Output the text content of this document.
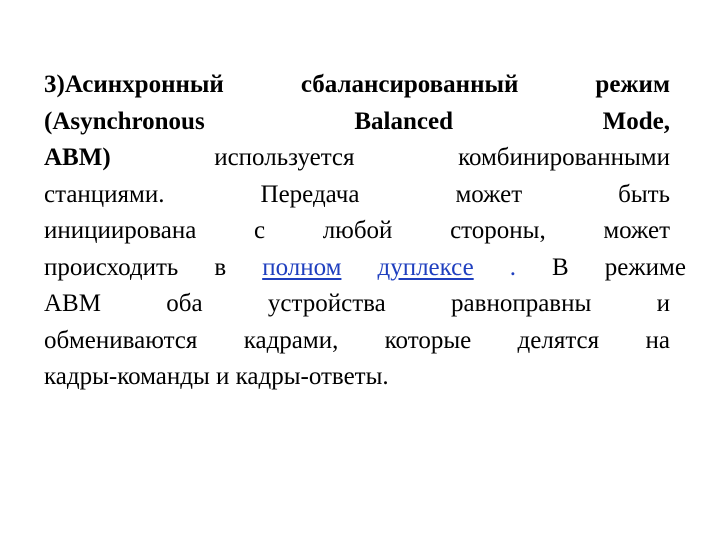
3)Асинхронный	сбалансированный	режим
(Asynchronous	Balanced	Mode,
ABM)	используется	комбинированными
станциями.	Передача	может	быть
инициирована с любой стороны, может
происходить в полном дуплексе . В режиме
ABM	оба	устройства	равноправны	и
обмениваются кадрами, которые делятся на
кадры-команды и кадры-ответы.
